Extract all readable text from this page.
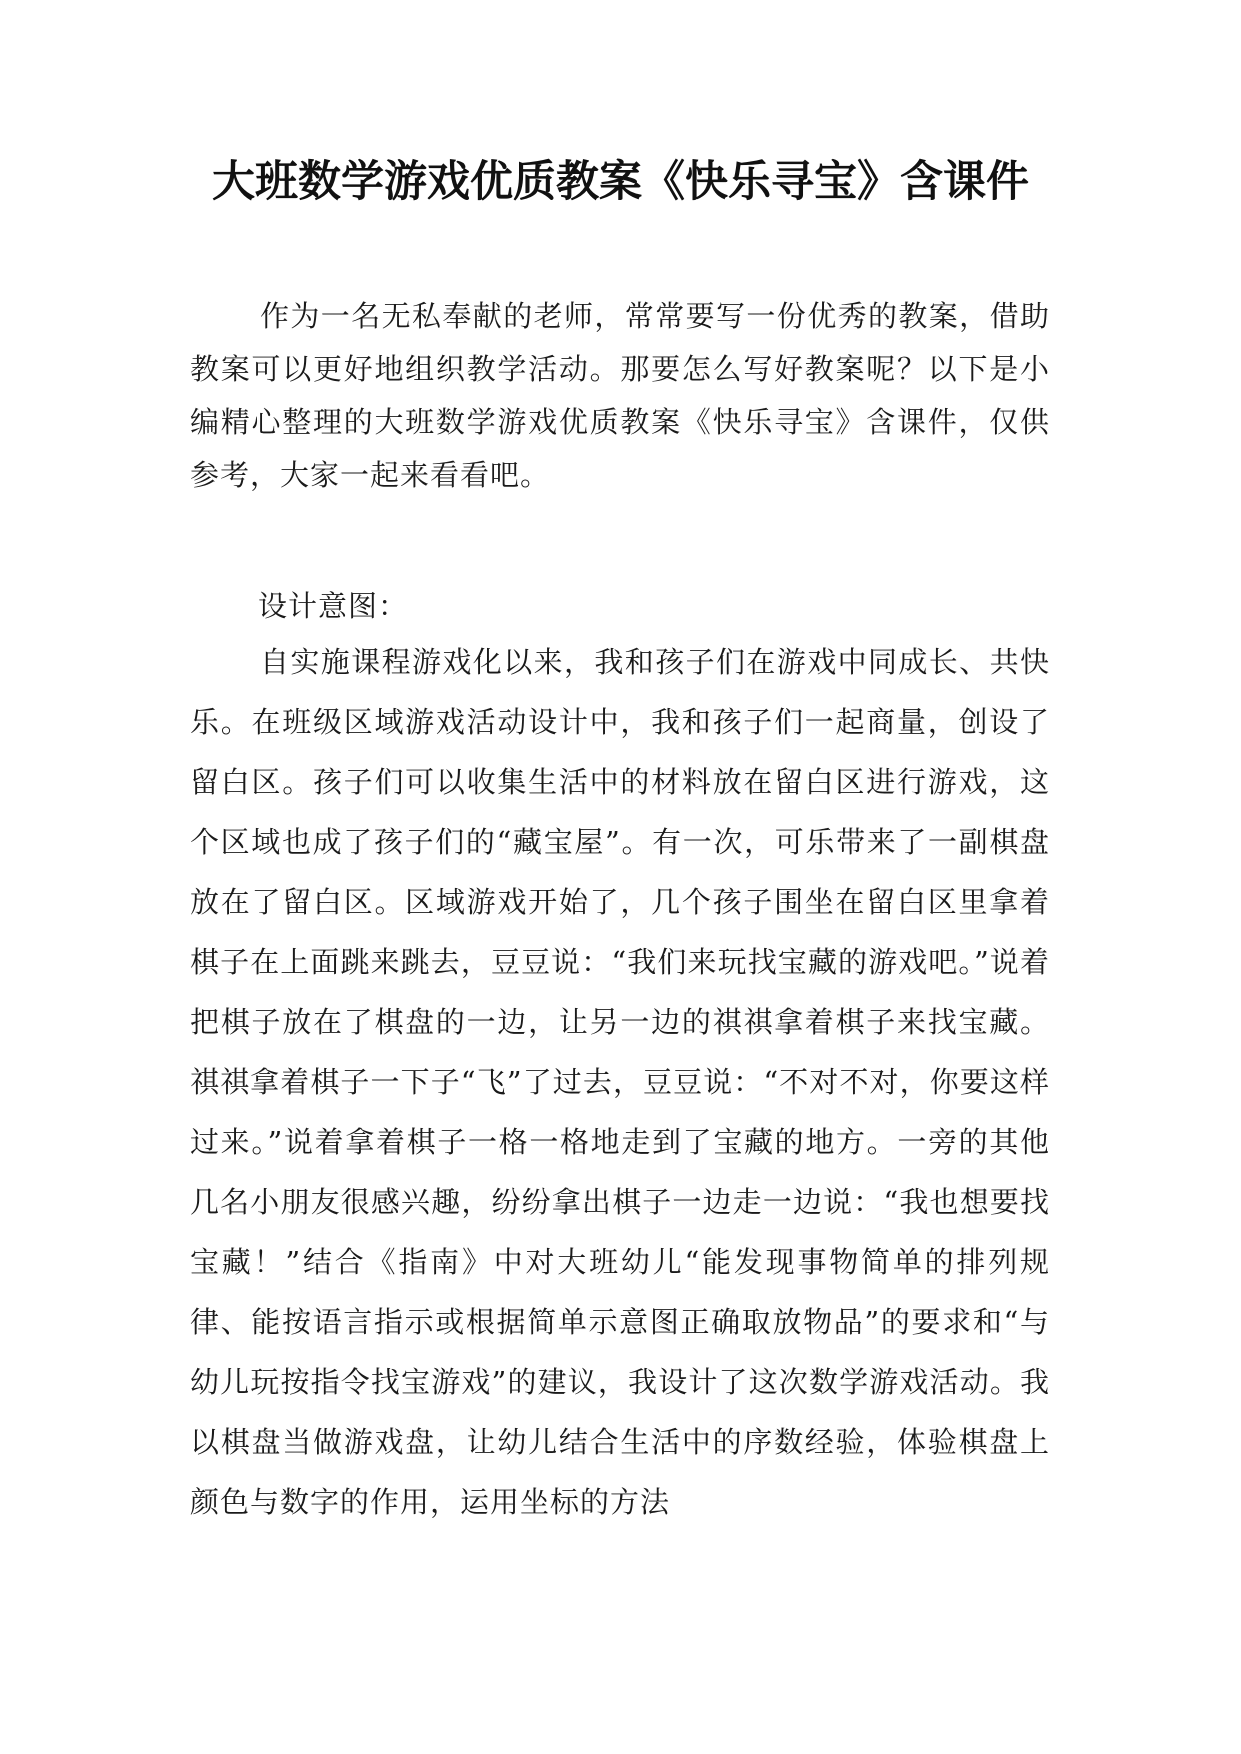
大班数学游戏优质教案《快乐寻宝》含课件

作为一名无私奉献的老师，常常要写一份优秀的教案，借助教案可以更好地组织教学活动。那要怎么写好教案呢？以下是小编精心整理的大班数学游戏优质教案《快乐寻宝》含课件，仅供参考，大家一起来看看吧。

设计意图：

自实施课程游戏化以来，我和孩子们在游戏中同成长、共快乐。在班级区域游戏活动设计中，我和孩子们一起商量，创设了留白区。孩子们可以收集生活中的材料放在留白区进行游戏，这个区域也成了孩子们的“藏宝屋”。有一次，可乐带来了一副棋盘放在了留白区。区域游戏开始了，几个孩子围坐在留白区里拿着棋子在上面跳来跳去，豆豆说：“我们来玩找宝藏的游戏吧。”说着把棋子放在了棋盘的一边，让另一边的祺祺拿着棋子来找宝藏。祺祺拿着棋子一下子“飞”了过去，豆豆说：“不对不对，你要这样过来。”说着拿着棋子一格一格地走到了宝藏的地方。一旁的其他几名小朋友很感兴趣，纷纷拿出棋子一边走一边说：“我也想要找宝藏！”结合《指南》中对大班幼儿“能发现事物简单的排列规律、能按语言指示或根据简单示意图正确取放物品”的要求和“与幼儿玩按指令找宝游戏”的建议，我设计了这次数学游戏活动。我以棋盘当做游戏盘，让幼儿结合生活中的序数经验，体验棋盘上颜色与数字的作用，运用坐标的方法
